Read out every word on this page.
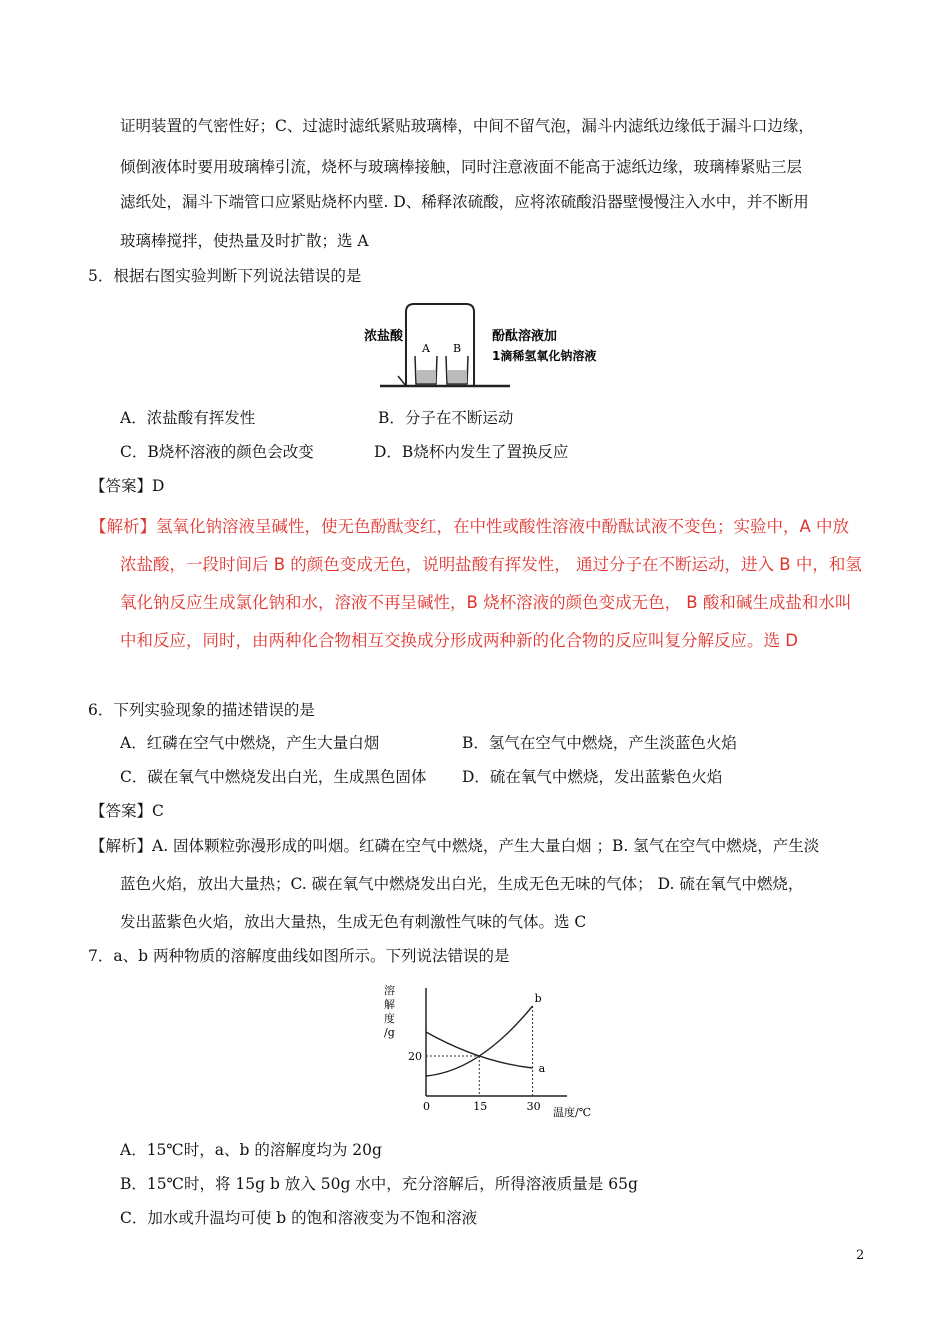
证明装置的气密性好；C、过滤时滤纸紧贴玻璃棒，中间不留气泡，漏斗内滤纸边缘低于漏斗口边缘，
倾倒液体时要用玻璃棒引流，烧杯与玻璃棒接触，同时注意液面不能高于滤纸边缘，玻璃棒紧贴三层
滤纸处，漏斗下端管口应紧贴烧杯内壁. D、稀释浓硫酸，应将浓硫酸沿器壁慢慢注入水中，并不断用
玻璃棒搅拌，使热量及时扩散；选 A
5．根据右图实验判断下列说法错误的是
浓盐酸
A B
酚酞溶液加
1滴稀氢氧化钠溶液
A．浓盐酸有挥发性	B．分子在不断运动
C．B烧杯溶液的颜色会改变	D．B烧杯内发生了置换反应
【答案】D
【解析】氢氧化钠溶液呈碱性，使无色酚酞变红，在中性或酸性溶液中酚酞试液不变色；实验中，A 中放
浓盐酸，一段时间后 B 的颜色变成无色，说明盐酸有挥发性， 通过分子在不断运动，进入 B 中，和氢
氧化钠反应生成氯化钠和水，溶液不再呈碱性，B 烧杯溶液的颜色变成无色， B 酸和碱生成盐和水叫
中和反应，同时，由两种化合物相互交换成分形成两种新的化合物的反应叫复分解反应。选 D
6．下列实验现象的描述错误的是
A．红磷在空气中燃烧，产生大量白烟	B．氢气在空气中燃烧，产生淡蓝色火焰
C．碳在氧气中燃烧发出白光，生成黑色固体 D．硫在氧气中燃烧，发出蓝紫色火焰
【答案】C
【解析】A. 固体颗粒弥漫形成的叫烟。红磷在空气中燃烧，产生大量白烟 ；B. 氢气在空气中燃烧，产生淡
蓝色火焰，放出大量热；C. 碳在氧气中燃烧发出白光，生成无色无味的气体； D. 硫在氧气中燃烧，
发出蓝紫色火焰，放出大量热，生成无色有刺激性气味的气体。选 C
7．a、b 两种物质的溶解度曲线如图所示。下列说法错误的是
溶
解
度
/g
温度/℃
0	15	30
20
b
a
A．15℃时，a、b 的溶解度均为 20g
B．15℃时，将 15g b 放入 50g 水中，充分溶解后，所得溶液质量是 65g
C．加水或升温均可使 b 的饱和溶液变为不饱和溶液
2
